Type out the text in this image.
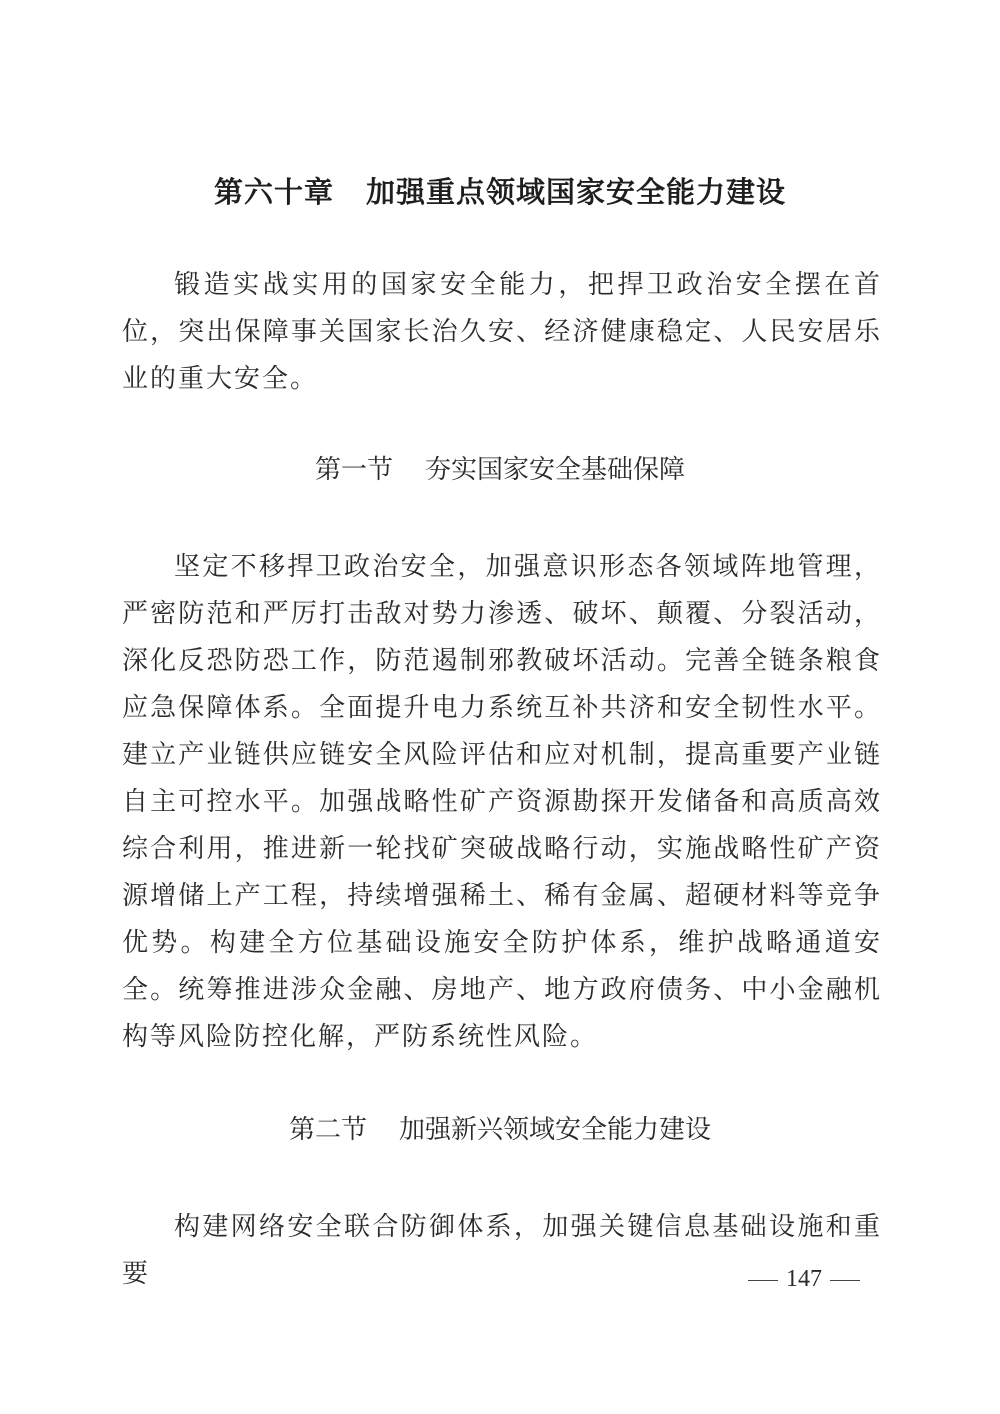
第六十章 加强重点领域国家安全能力建设

锻造实战实用的国家安全能力，把捍卫政治安全摆在首位，突出保障事关国家长治久安、经济健康稳定、人民安居乐业的重大安全。

第一节 夯实国家安全基础保障

坚定不移捍卫政治安全，加强意识形态各领域阵地管理，严密防范和严厉打击敌对势力渗透、破坏、颠覆、分裂活动，深化反恐防恐工作，防范遏制邪教破坏活动。完善全链条粮食应急保障体系。全面提升电力系统互补共济和安全韧性水平。建立产业链供应链安全风险评估和应对机制，提高重要产业链自主可控水平。加强战略性矿产资源勘探开发储备和高质高效综合利用，推进新一轮找矿突破战略行动，实施战略性矿产资源增储上产工程，持续增强稀土、稀有金属、超硬材料等竞争优势。构建全方位基础设施安全防护体系，维护战略通道安全。统筹推进涉众金融、房地产、地方政府债务、中小金融机构等风险防控化解，严防系统性风险。

第二节 加强新兴领域安全能力建设

构建网络安全联合防御体系，加强关键信息基础设施和重要	147
